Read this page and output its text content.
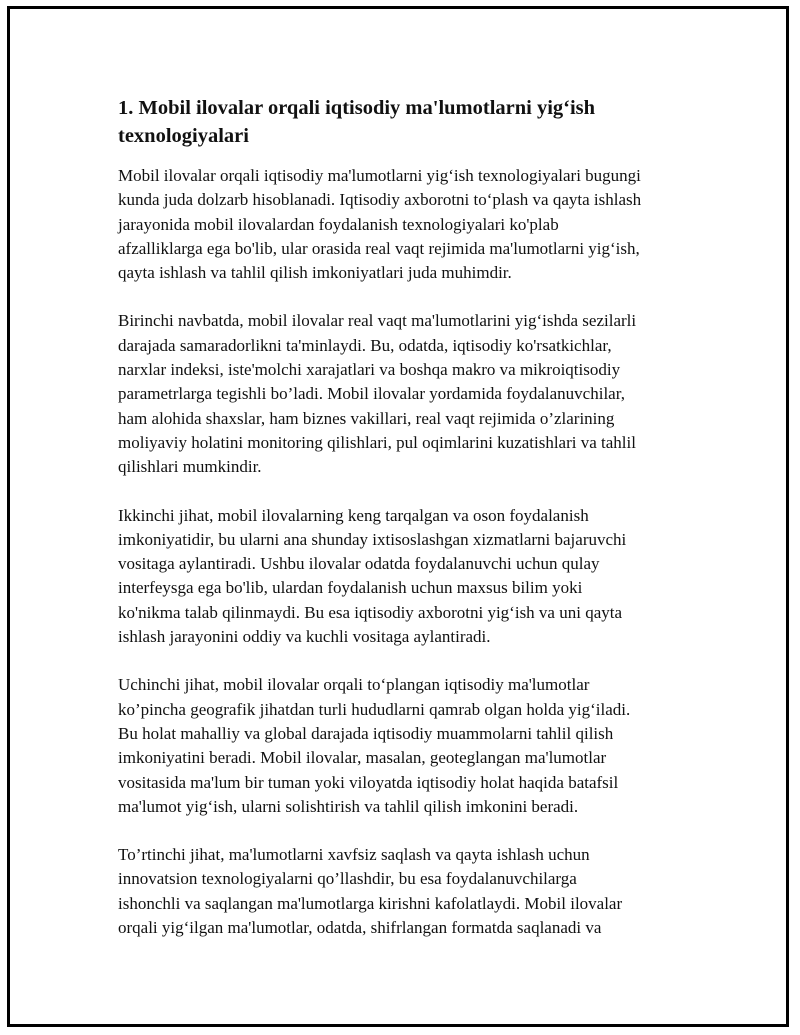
1. Mobil ilovalar orqali iqtisodiy ma'lumotlarni yig‘ish
texnologiyalari

Mobil ilovalar orqali iqtisodiy ma'lumotlarni yig‘ish texnologiyalari bugungi
kunda juda dolzarb hisoblanadi. Iqtisodiy axborotni to‘plash va qayta ishlash
jarayonida mobil ilovalardan foydalanish texnologiyalari ko'plab
afzalliklarga ega bo'lib, ular orasida real vaqt rejimida ma'lumotlarni yig‘ish,
qayta ishlash va tahlil qilish imkoniyatlari juda muhimdir.

Birinchi navbatda, mobil ilovalar real vaqt ma'lumotlarini yig‘ishda sezilarli
darajada samaradorlikni ta'minlaydi. Bu, odatda, iqtisodiy ko'rsatkichlar,
narxlar indeksi, iste'molchi xarajatlari va boshqa makro va mikroiqtisodiy
parametrlarga tegishli bo’ladi. Mobil ilovalar yordamida foydalanuvchilar,
ham alohida shaxslar, ham biznes vakillari, real vaqt rejimida o’zlarining
moliyaviy holatini monitoring qilishlari, pul oqimlarini kuzatishlari va tahlil
qilishlari mumkindir.

Ikkinchi jihat, mobil ilovalarning keng tarqalgan va oson foydalanish
imkoniyatidir, bu ularni ana shunday ixtisoslashgan xizmatlarni bajaruvchi
vositaga aylantiradi. Ushbu ilovalar odatda foydalanuvchi uchun qulay
interfeysga ega bo'lib, ulardan foydalanish uchun maxsus bilim yoki
ko'nikma talab qilinmaydi. Bu esa iqtisodiy axborotni yig‘ish va uni qayta
ishlash jarayonini oddiy va kuchli vositaga aylantiradi.

Uchinchi jihat, mobil ilovalar orqali to‘plangan iqtisodiy ma'lumotlar
ko’pincha geografik jihatdan turli hududlarni qamrab olgan holda yig‘iladi.
Bu holat mahalliy va global darajada iqtisodiy muammolarni tahlil qilish
imkoniyatini beradi. Mobil ilovalar, masalan, geoteglangan ma'lumotlar
vositasida ma'lum bir tuman yoki viloyatda iqtisodiy holat haqida batafsil
ma'lumot yig‘ish, ularni solishtirish va tahlil qilish imkonini beradi.

To’rtinchi jihat, ma'lumotlarni xavfsiz saqlash va qayta ishlash uchun
innovatsion texnologiyalarni qo’llashdir, bu esa foydalanuvchilarga
ishonchli va saqlangan ma'lumotlarga kirishni kafolatlaydi. Mobil ilovalar
orqali yig‘ilgan ma'lumotlar, odatda, shifrlangan formatda saqlanadi va
